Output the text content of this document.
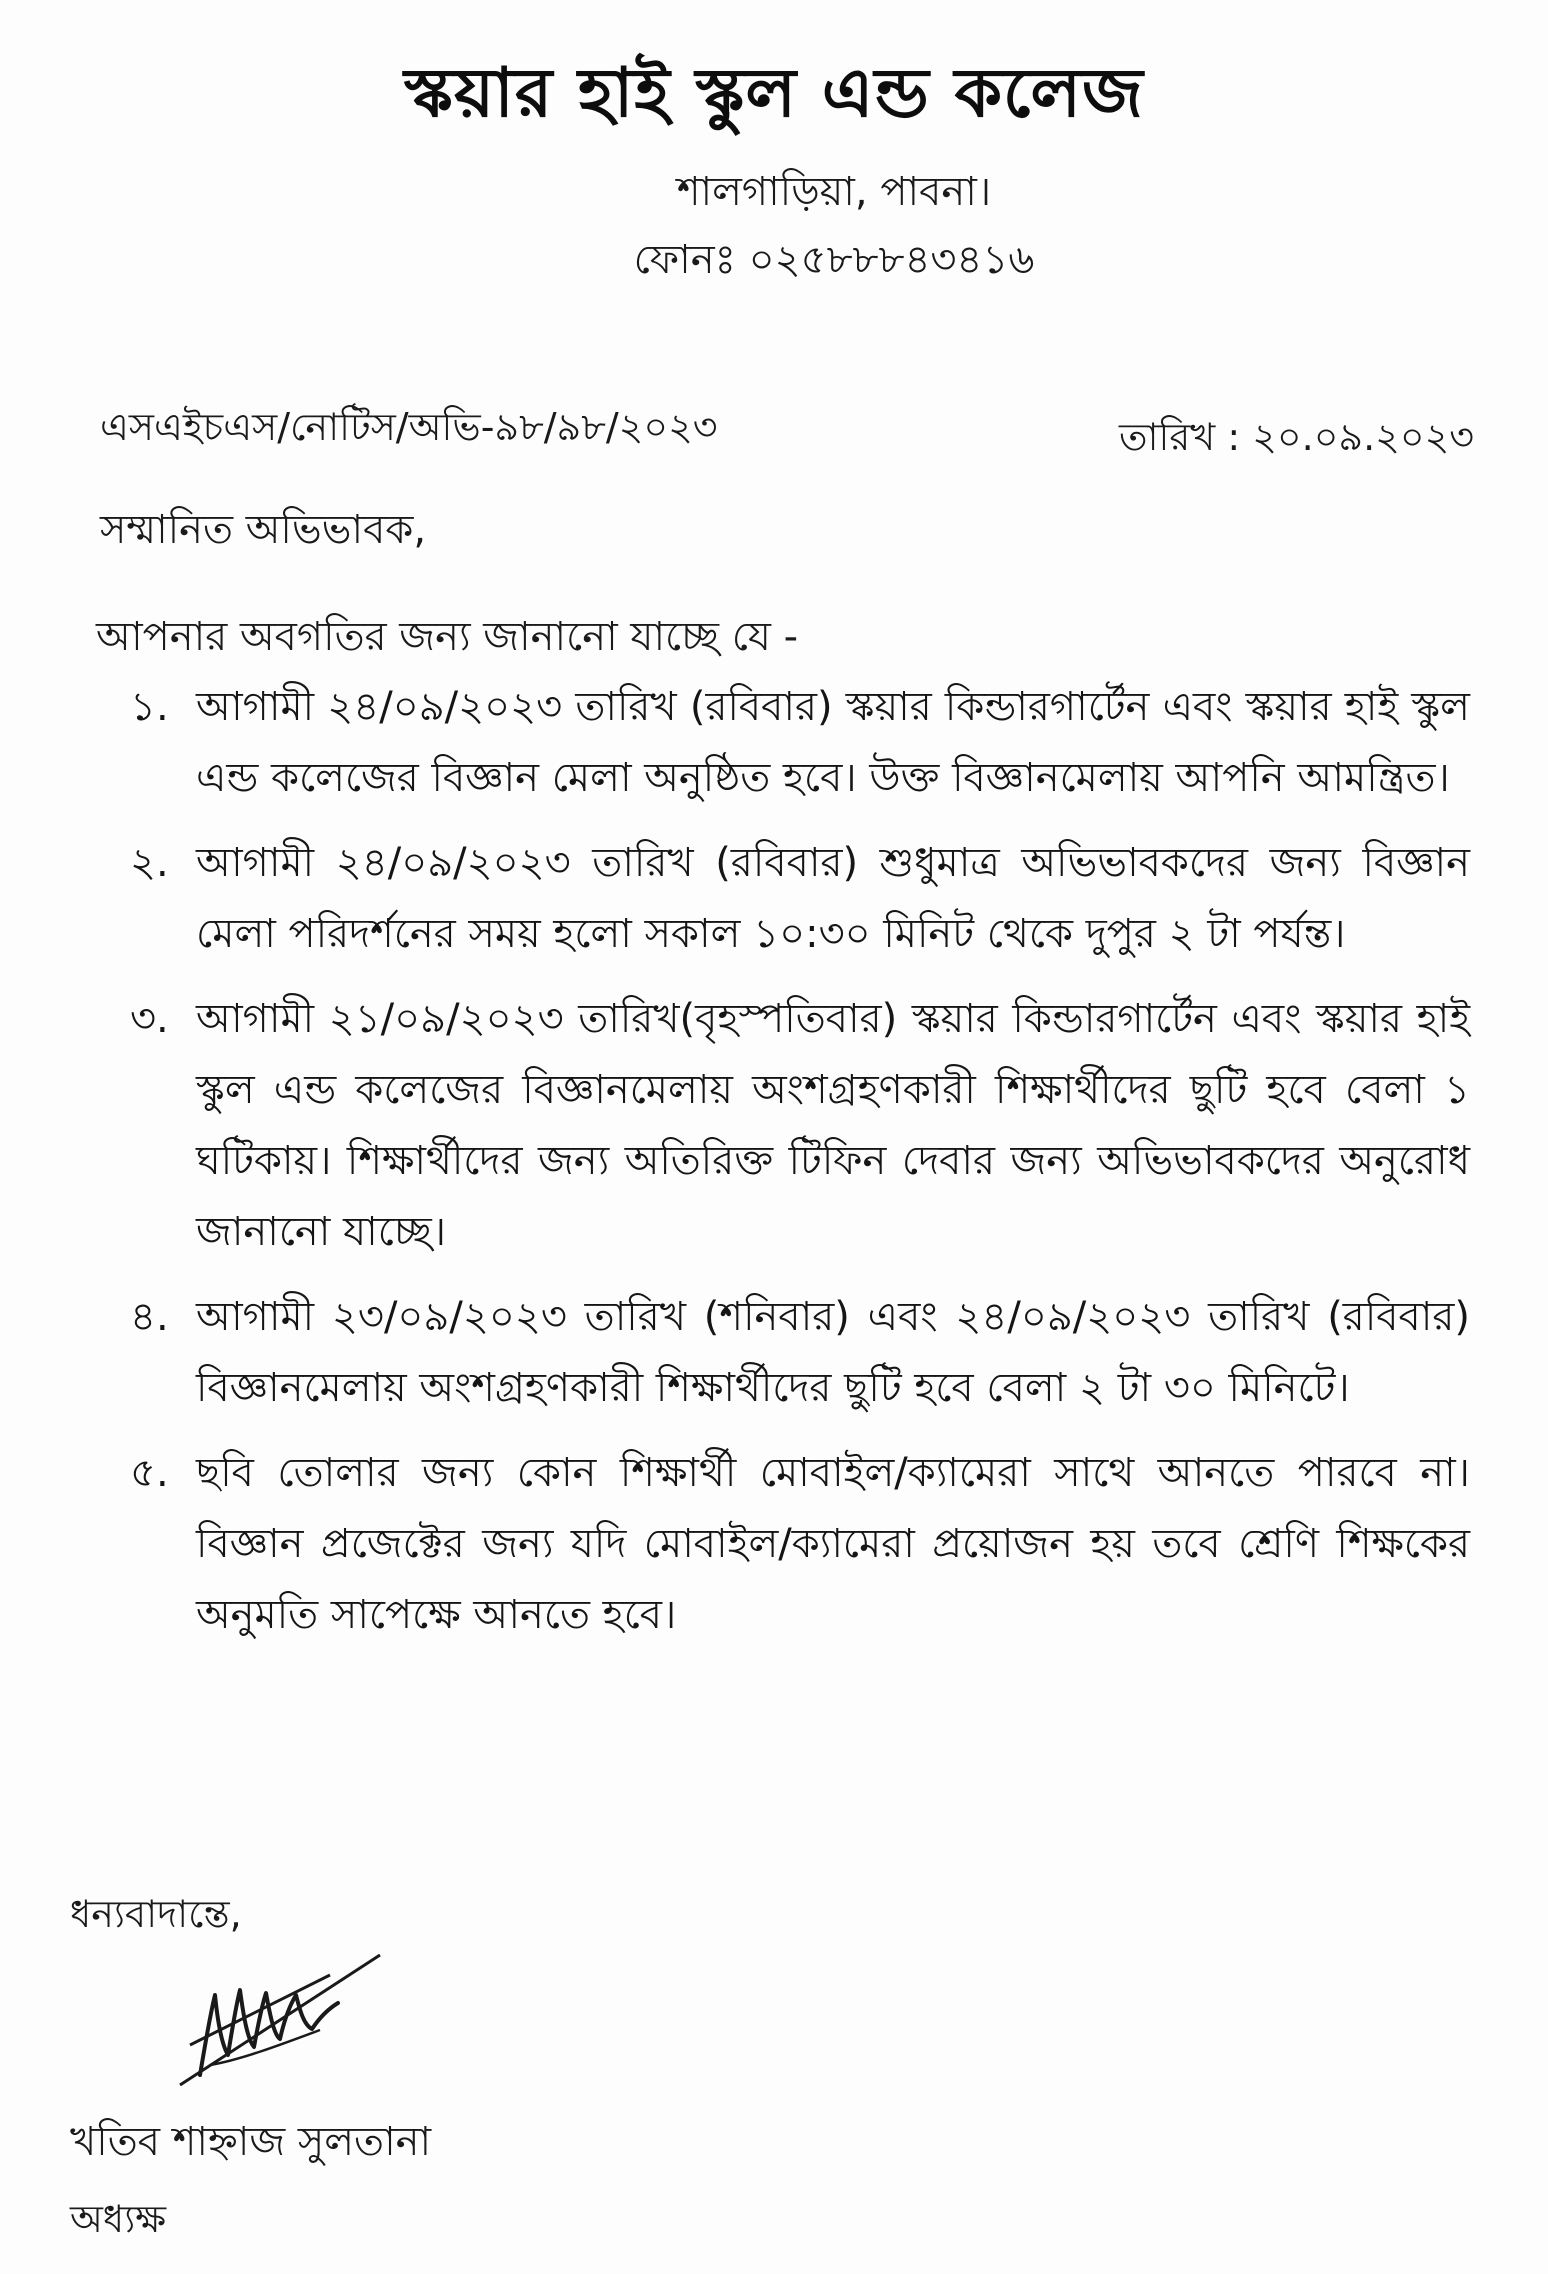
স্কয়ার হাই স্কুল এন্ড কলেজ
শালগাড়িয়া, পাবনা।
ফোনঃ ০২৫৮৮৮৪৩৪১৬
এসএইচএস/নোটিস/অভি-৯৮/৯৮/২০২৩	তারিখ : ২০.০৯.২০২৩
সম্মানিত অভিভাবক,
আপনার অবগতির জন্য জানানো যাচ্ছে যে -
১. আগামী ২৪/০৯/২০২৩ তারিখ (রবিবার) স্কয়ার কিন্ডারগার্টেন এবং স্কয়ার হাই স্কুল এন্ড কলেজের বিজ্ঞান মেলা অনুষ্ঠিত হবে। উক্ত বিজ্ঞানমেলায় আপনি আমন্ত্রিত।
২. আগামী ২৪/০৯/২০২৩ তারিখ (রবিবার) শুধুমাত্র অভিভাবকদের জন্য বিজ্ঞান মেলা পরিদর্শনের সময় হলো সকাল ১০:৩০ মিনিট থেকে দুপুর ২ টা পর্যন্ত।
৩. আগামী ২১/০৯/২০২৩ তারিখ(বৃহস্পতিবার) স্কয়ার কিন্ডারগার্টেন এবং স্কয়ার হাই স্কুল এন্ড কলেজের বিজ্ঞানমেলায় অংশগ্রহণকারী শিক্ষার্থীদের ছুটি হবে বেলা ১ ঘটিকায়। শিক্ষার্থীদের জন্য অতিরিক্ত টিফিন দেবার জন্য অভিভাবকদের অনুরোধ জানানো যাচ্ছে।
৪. আগামী ২৩/০৯/২০২৩ তারিখ (শনিবার) এবং ২৪/০৯/২০২৩ তারিখ (রবিবার) বিজ্ঞানমেলায় অংশগ্রহণকারী শিক্ষার্থীদের ছুটি হবে বেলা ২ টা ৩০ মিনিটে।
৫. ছবি তোলার জন্য কোন শিক্ষার্থী মোবাইল/ক্যামেরা সাথে আনতে পারবে না। বিজ্ঞান প্রজেক্টের জন্য যদি মোবাইল/ক্যামেরা প্রয়োজন হয় তবে শ্রেণি শিক্ষকের অনুমতি সাপেক্ষে আনতে হবে।
ধন্যবাদান্তে,
খতিব শাহ্নাজ সুলতানা
অধ্যক্ষ
